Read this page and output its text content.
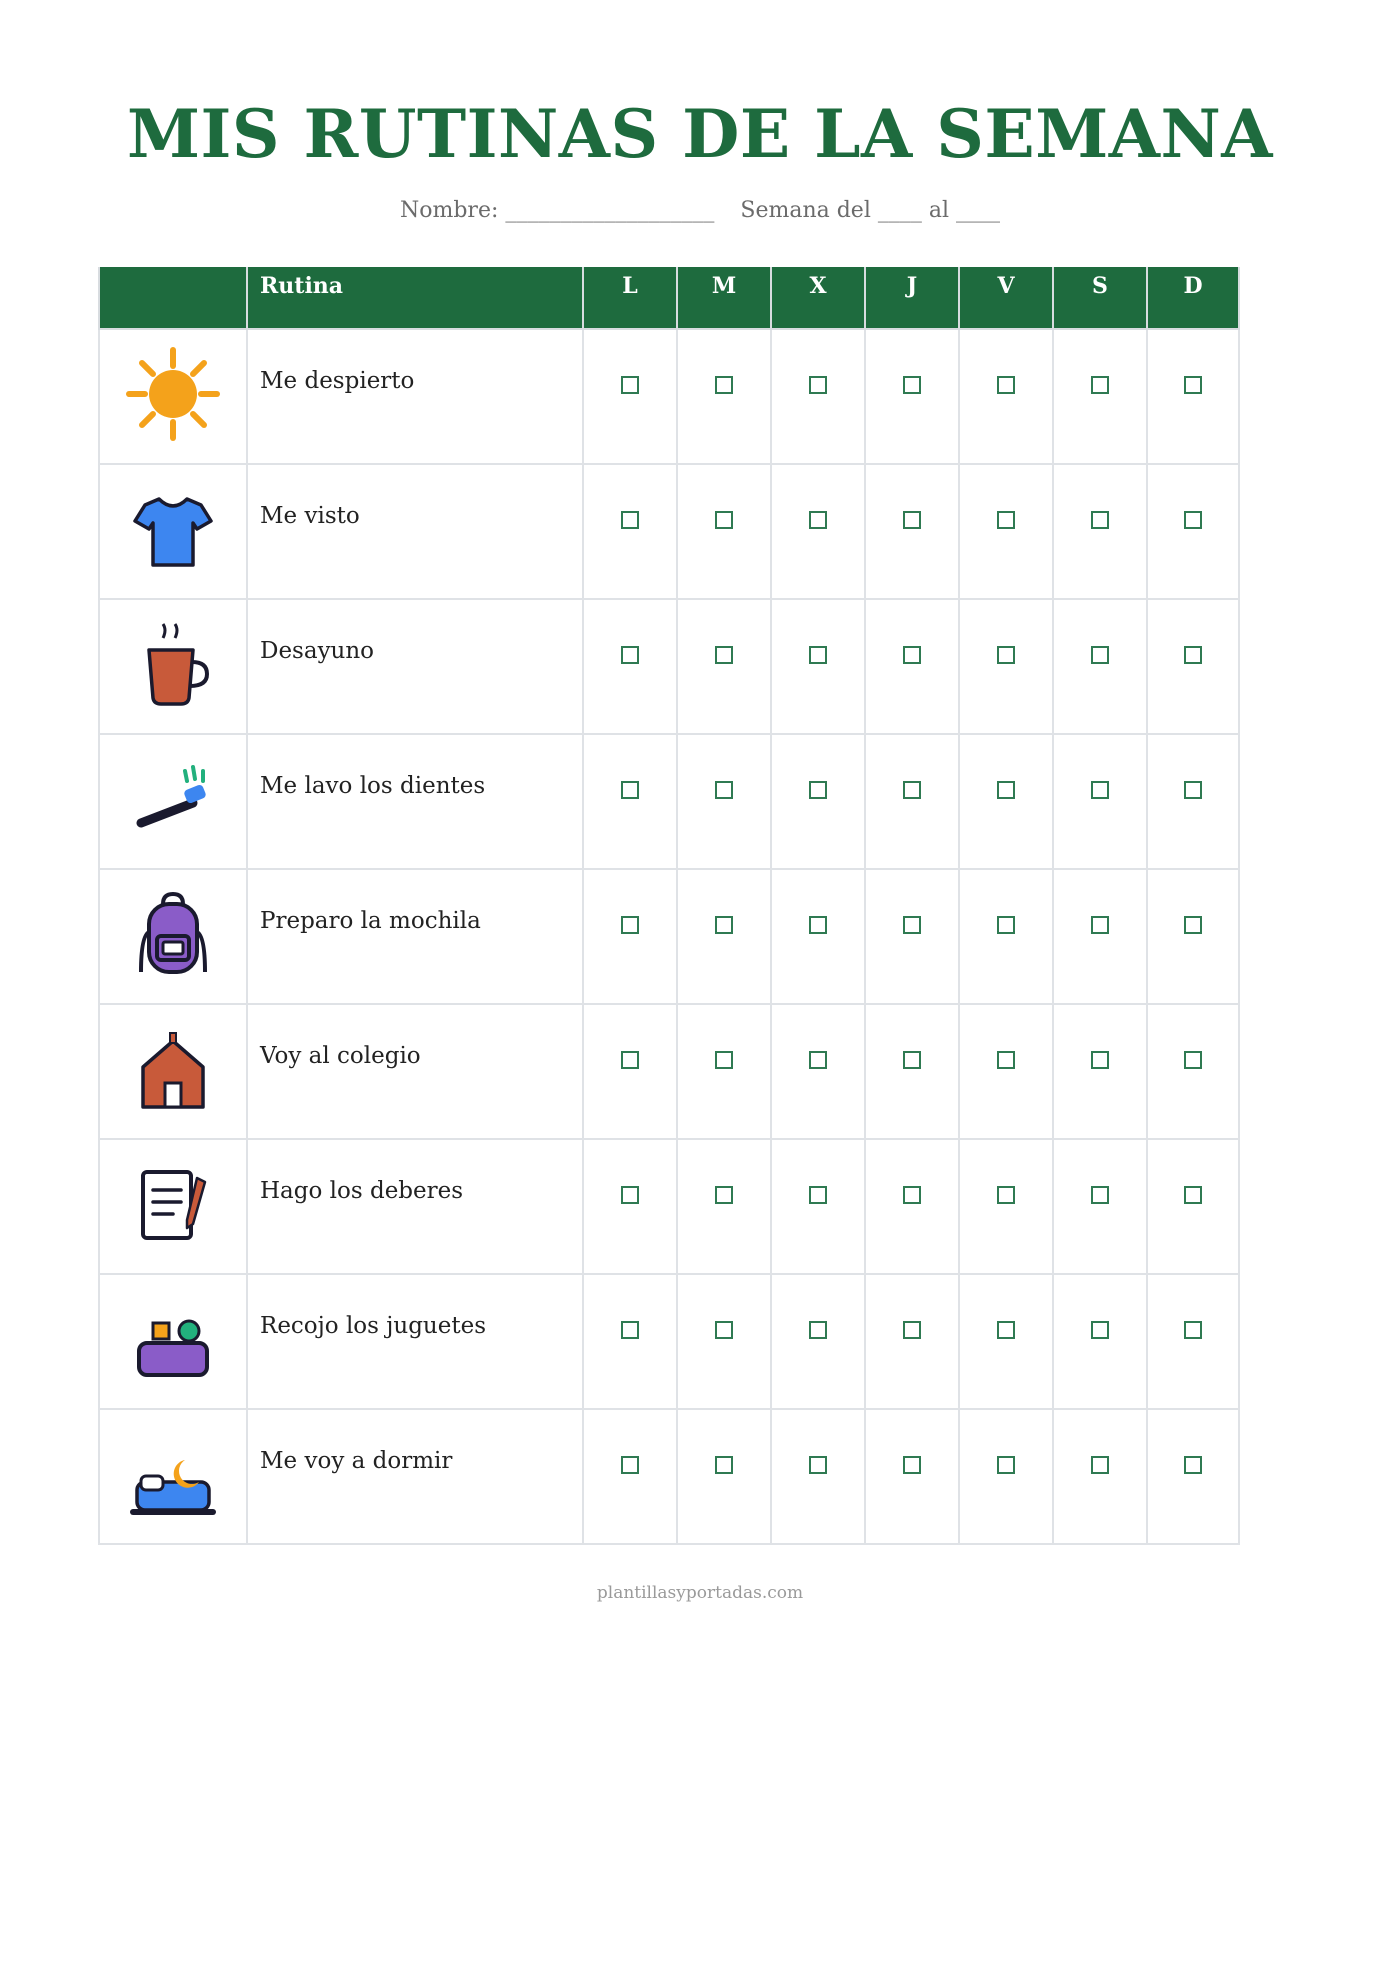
MIS RUTINAS DE LA SEMANA
Nombre: ___________________ Semana del ____ al ____
	Rutina	L	M	X	J	V	S	D
	Me despierto							
	Me visto							
	Desayuno							
	Me lavo los dientes							
	Preparo la mochila							
	Voy al colegio							
	Hago los deberes							
	Recojo los juguetes							
	Me voy a dormir							
plantillasyportadas.com
